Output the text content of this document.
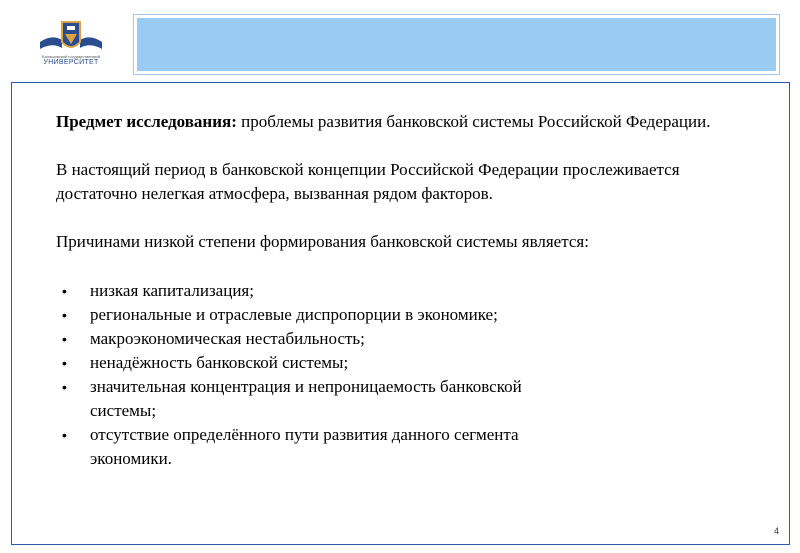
Балашовский государственный
УНИВЕРСИТЕТ

Предмет исследования: проблемы развития банковской системы Российской Федерации.

В настоящий период в банковской концепции Российской Федерации прослеживается достаточно нелегкая атмосфера, вызванная рядом факторов.

Причинами низкой степени формирования банковской системы является:

• низкая капитализация;
• региональные и отраслевые диспропорции в экономике;
• макроэкономическая нестабильность;
• ненадёжность банковской системы;
• значительная концентрация и непроницаемость банковской системы;
• отсутствие определённого пути развития данного сегмента экономики.
4
